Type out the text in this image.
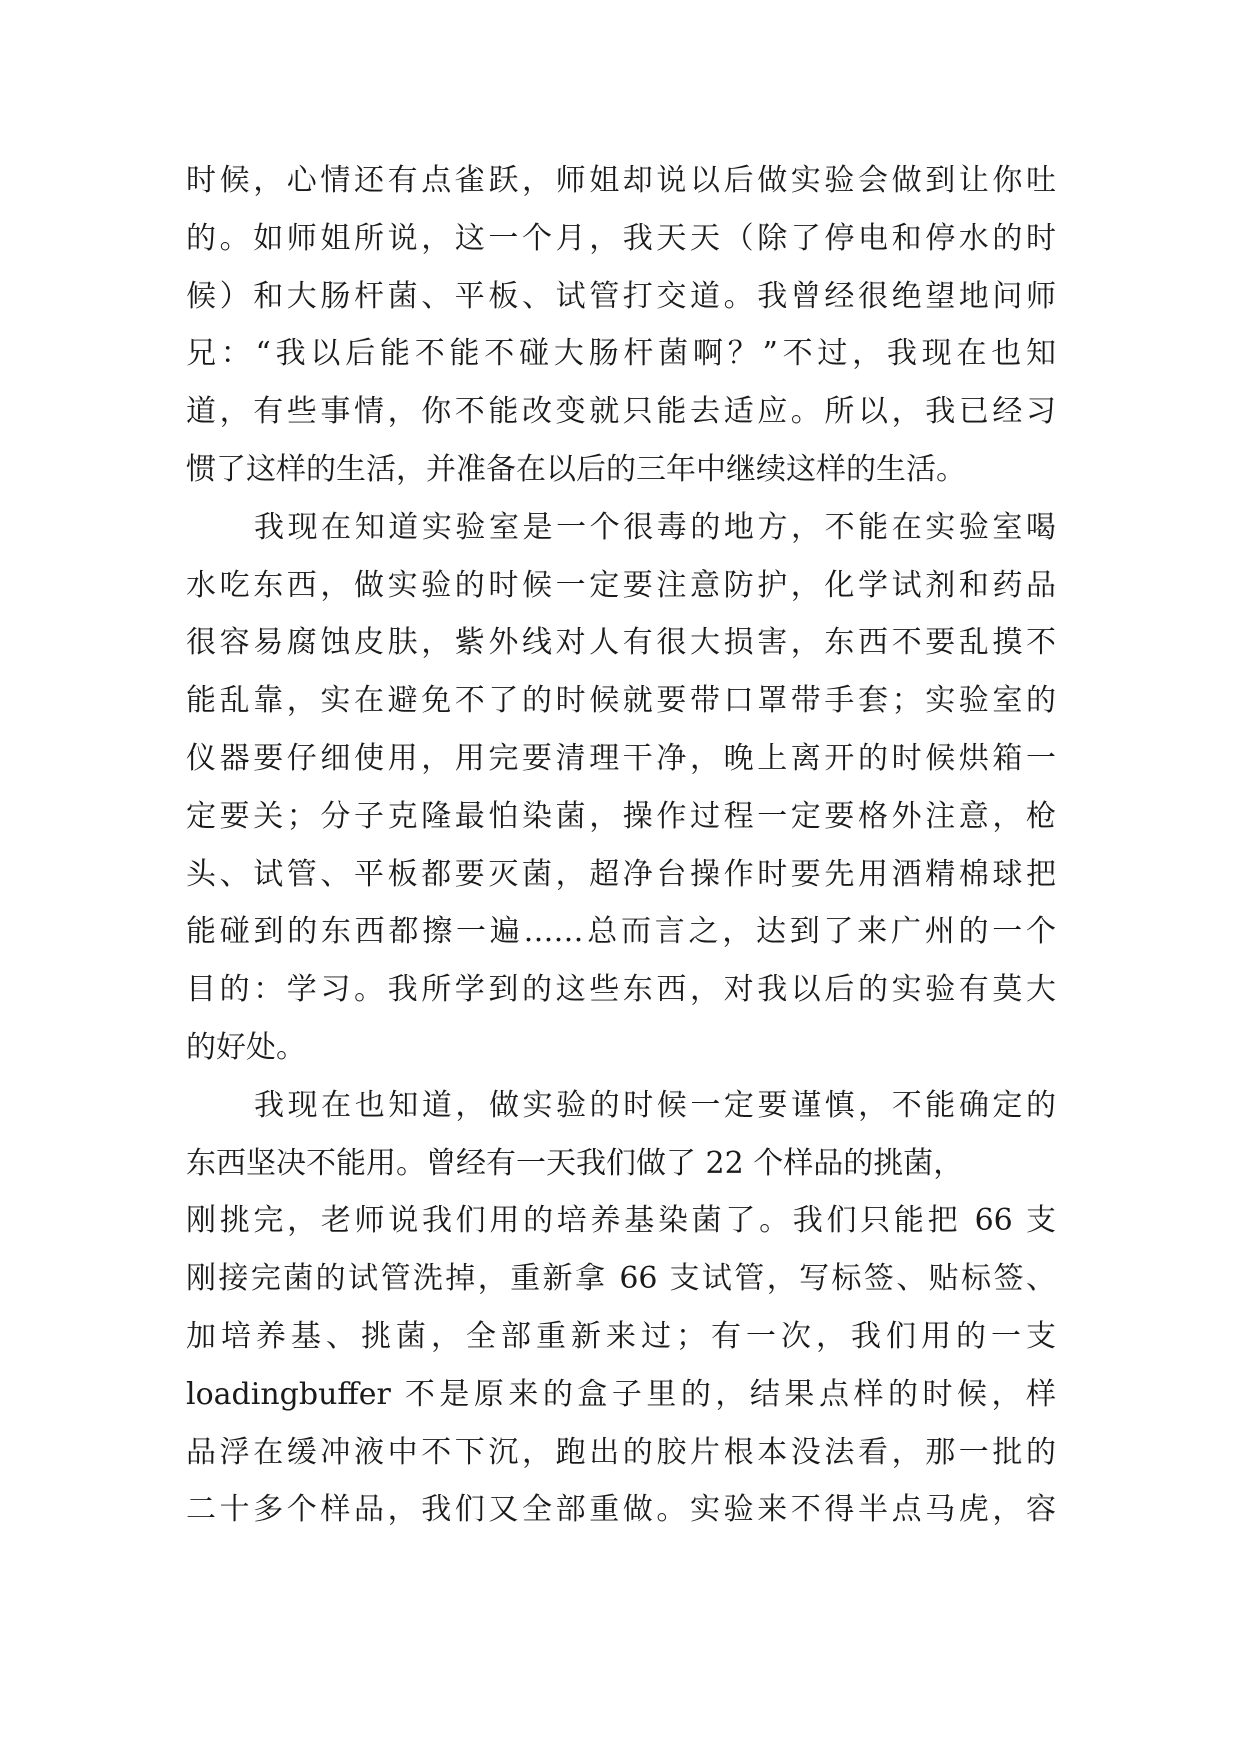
时候，心情还有点雀跃，师姐却说以后做实验会做到让你吐
的。如师姐所说，这一个月，我天天（除了停电和停水的时
候）和大肠杆菌、平板、试管打交道。我曾经很绝望地问师
兄：“我以后能不能不碰大肠杆菌啊？”不过，我现在也知
道，有些事情，你不能改变就只能去适应。所以，我已经习
惯了这样的生活，并准备在以后的三年中继续这样的生活。
我现在知道实验室是一个很毒的地方，不能在实验室喝
水吃东西，做实验的时候一定要注意防护，化学试剂和药品
很容易腐蚀皮肤，紫外线对人有很大损害，东西不要乱摸不
能乱靠，实在避免不了的时候就要带口罩带手套；实验室的
仪器要仔细使用，用完要清理干净，晚上离开的时候烘箱一
定要关；分子克隆最怕染菌，操作过程一定要格外注意，枪
头、试管、平板都要灭菌，超净台操作时要先用酒精棉球把
能碰到的东西都擦一遍……总而言之，达到了来广州的一个
目的：学习。我所学到的这些东西，对我以后的实验有莫大
的好处。
我现在也知道，做实验的时候一定要谨慎，不能确定的
东西坚决不能用。曾经有一天我们做了 22 个样品的挑菌，
刚挑完，老师说我们用的培养基染菌了。我们只能把 66 支
刚接完菌的试管洗掉，重新拿 66 支试管，写标签、贴标签、
加培养基、挑菌，全部重新来过；有一次，我们用的一支
loadingbuffer 不是原来的盒子里的，结果点样的时候，样
品浮在缓冲液中不下沉，跑出的胶片根本没法看，那一批的
二十多个样品，我们又全部重做。实验来不得半点马虎，容
